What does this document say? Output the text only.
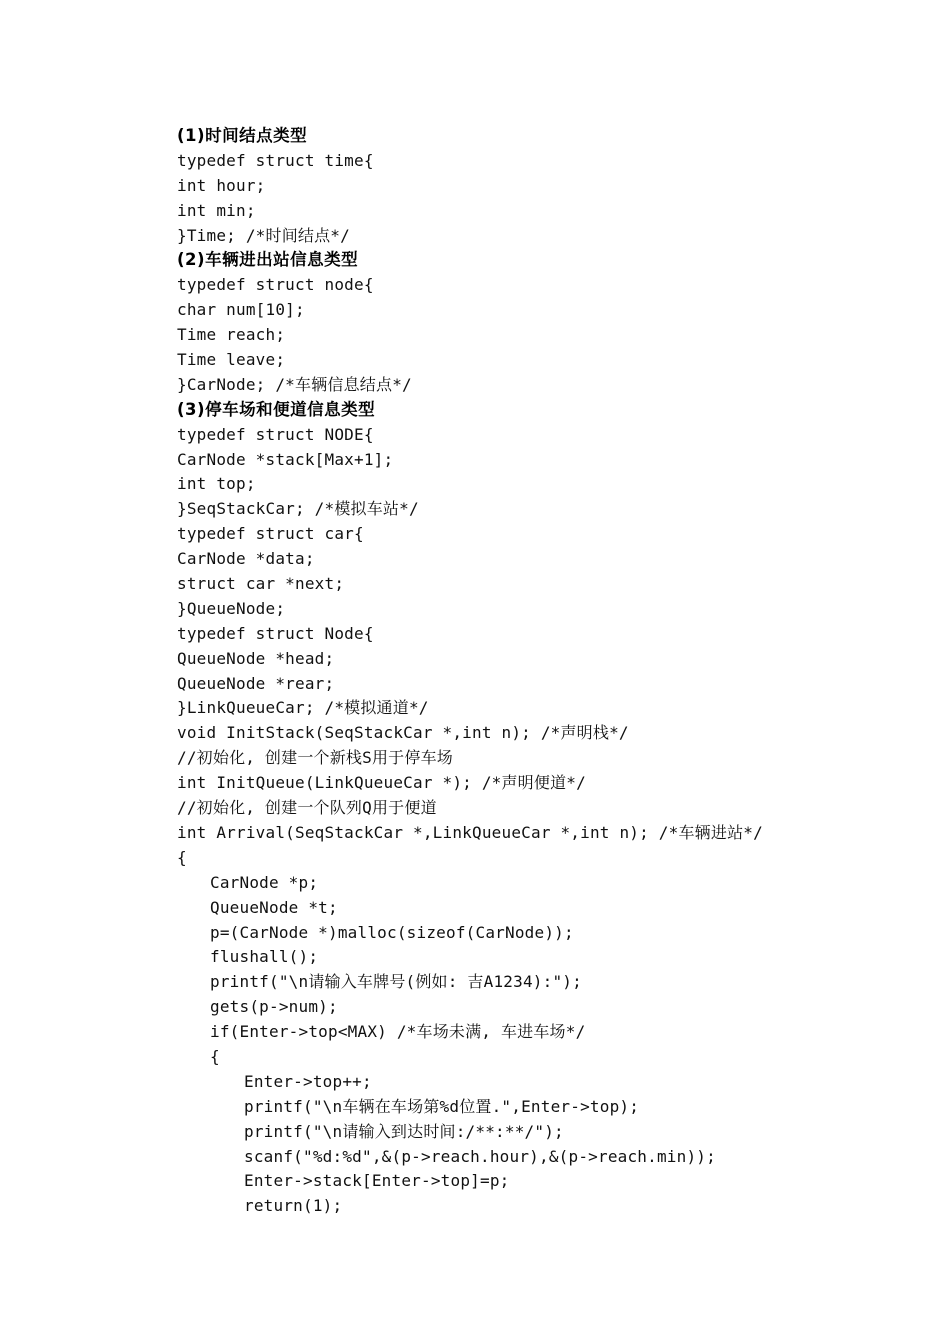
(1)时间结点类型
typedef struct time{
int hour;
int min;
}Time; /*时间结点*/
(2)车辆进出站信息类型
typedef struct node{
char num[10];
Time reach;
Time leave;
}CarNode; /*车辆信息结点*/
(3)停车场和便道信息类型
typedef struct NODE{
CarNode *stack[Max+1];
int top;
}SeqStackCar; /*模拟车站*/
typedef struct car{
CarNode *data;
struct car *next;
}QueueNode;
typedef struct Node{
QueueNode *head;
QueueNode *rear;
}LinkQueueCar; /*模拟通道*/
void InitStack(SeqStackCar *,int n); /*声明栈*/
//初始化, 创建一个新栈S用于停车场
int InitQueue(LinkQueueCar *); /*声明便道*/
//初始化, 创建一个队列Q用于便道
int Arrival(SeqStackCar *,LinkQueueCar *,int n); /*车辆进站*/
{
CarNode *p;
QueueNode *t;
p=(CarNode *)malloc(sizeof(CarNode));
flushall();
printf("\n请输入车牌号(例如: 吉A1234):");
gets(p->num);
if(Enter->top<MAX) /*车场未满, 车进车场*/
{
Enter->top++;
printf("\n车辆在车场第%d位置.",Enter->top);
printf("\n请输入到达时间:/**:**/");
scanf("%d:%d",&(p->reach.hour),&(p->reach.min));
Enter->stack[Enter->top]=p;
return(1);
